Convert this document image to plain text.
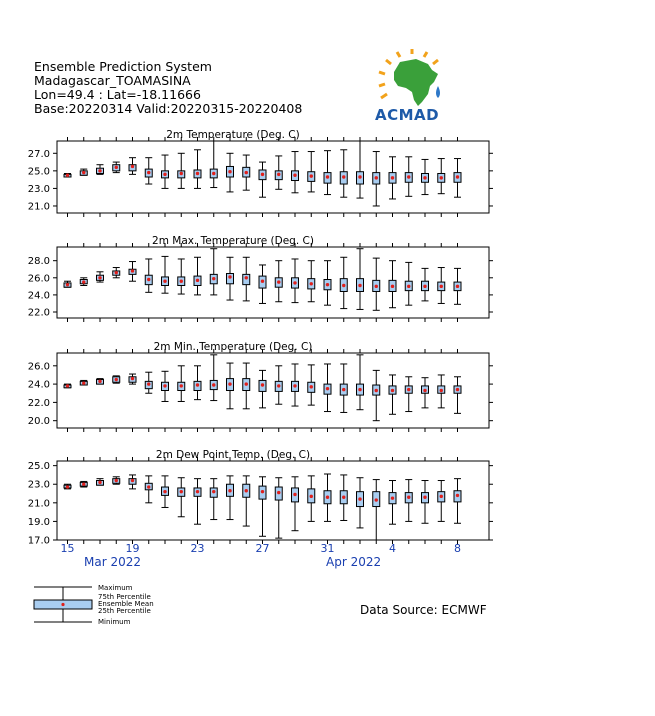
Ensemble Prediction System
Madagascar_TOAMASINA
Lon=49.4 : Lat=-18.11666
Base:20220314 Valid:20220315-20220408	ACMAD
2m Temperature (Deg. C)
21.0
23.0
25.0
27.0
2m Max. Temperature (Deg. C)
22.0
24.0
26.0
28.0
2m Min. Temperature (Deg. C)
20.0
22.0
24.0
26.0
2m Dew Point Temp. (Deg. C)
17.0
19.0
21.0
23.0
25.0
15	19	23	27	31	4	8
Mar 2022	Apr 2022
Maximum
75th Percentile
Ensemble Mean
25th Percentile
Minimum
Data Source: ECMWF
